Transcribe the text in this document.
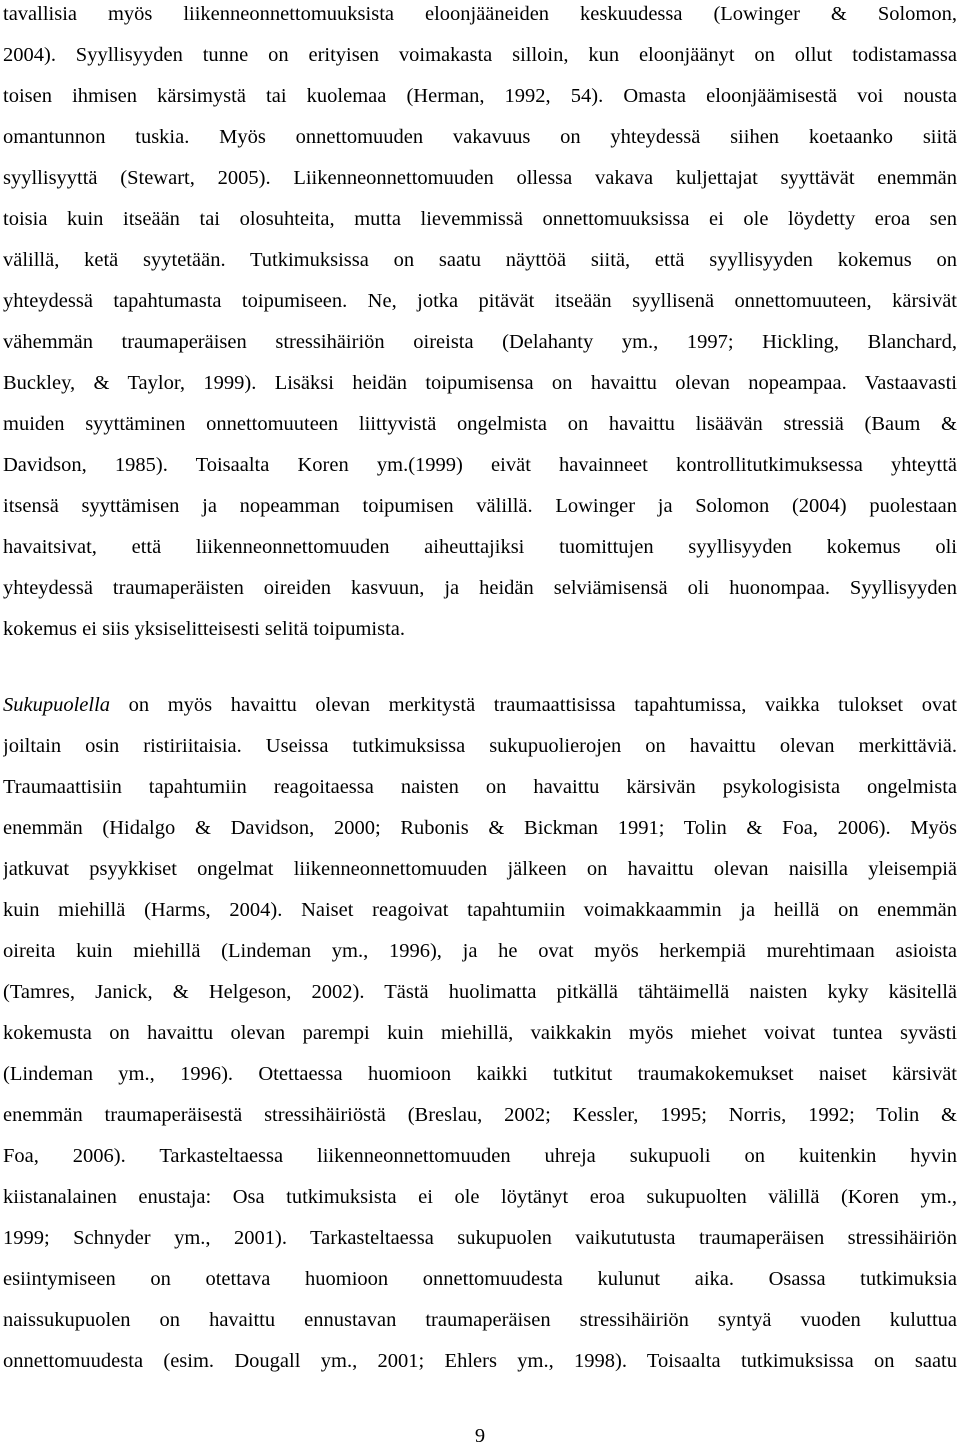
tavallisia myös liikenneonnettomuuksista eloonjääneiden keskuudessa (Lowinger & Solomon,
2004). Syyllisyyden tunne on erityisen voimakasta silloin, kun eloonjäänyt on ollut todistamassa
toisen ihmisen kärsimystä tai kuolemaa (Herman, 1992, 54). Omasta eloonjäämisestä voi nousta
omantunnon tuskia. Myös onnettomuuden vakavuus on yhteydessä siihen koetaanko siitä
syyllisyyttä (Stewart, 2005). Liikenneonnettomuuden ollessa vakava kuljettajat syyttävät enemmän
toisia kuin itseään tai olosuhteita, mutta lievemmissä onnettomuuksissa ei ole löydetty eroa sen
välillä, ketä syytetään. Tutkimuksissa on saatu näyttöä siitä, että syyllisyyden kokemus on
yhteydessä tapahtumasta toipumiseen. Ne, jotka pitävät itseään syyllisenä onnettomuuteen, kärsivät
vähemmän traumaperäisen stressihäiriön oireista (Delahanty ym., 1997; Hickling, Blanchard,
Buckley, & Taylor, 1999). Lisäksi heidän toipumisensa on havaittu olevan nopeampaa. Vastaavasti
muiden syyttäminen onnettomuuteen liittyvistä ongelmista on havaittu lisäävän stressiä (Baum &
Davidson, 1985). Toisaalta Koren ym.(1999) eivät havainneet kontrollitutkimuksessa yhteyttä
itsensä syyttämisen ja nopeamman toipumisen välillä. Lowinger ja Solomon (2004) puolestaan
havaitsivat, että liikenneonnettomuuden aiheuttajiksi tuomittujen syyllisyyden kokemus oli
yhteydessä traumaperäisten oireiden kasvuun, ja heidän selviämisensä oli huonompaa. Syyllisyyden
kokemus ei siis yksiselitteisesti selitä toipumista.
Sukupuolella on myös havaittu olevan merkitystä traumaattisissa tapahtumissa, vaikka tulokset ovat
joiltain osin ristiriitaisia. Useissa tutkimuksissa sukupuolierojen on havaittu olevan merkittäviä.
Traumaattisiin tapahtumiin reagoitaessa naisten on havaittu kärsivän psykologisista ongelmista
enemmän (Hidalgo & Davidson, 2000; Rubonis & Bickman 1991; Tolin & Foa, 2006). Myös
jatkuvat psyykkiset ongelmat liikenneonnettomuuden jälkeen on havaittu olevan naisilla yleisempiä
kuin miehillä (Harms, 2004). Naiset reagoivat tapahtumiin voimakkaammin ja heillä on enemmän
oireita kuin miehillä (Lindeman ym., 1996), ja he ovat myös herkempiä murehtimaan asioista
(Tamres, Janick, & Helgeson, 2002). Tästä huolimatta pitkällä tähtäimellä naisten kyky käsitellä
kokemusta on havaittu olevan parempi kuin miehillä, vaikkakin myös miehet voivat tuntea syvästi
(Lindeman ym., 1996). Otettaessa huomioon kaikki tutkitut traumakokemukset naiset kärsivät
enemmän traumaperäisestä stressihäiriöstä (Breslau, 2002; Kessler, 1995; Norris, 1992; Tolin &
Foa, 2006). Tarkasteltaessa liikenneonnettomuuden uhreja sukupuoli on kuitenkin hyvin
kiistanalainen enustaja: Osa tutkimuksista ei ole löytänyt eroa sukupuolten välillä (Koren ym.,
1999; Schnyder ym., 2001). Tarkasteltaessa sukupuolen vaikututusta traumaperäisen stressihäiriön
esiintymiseen on otettava huomioon onnettomuudesta kulunut aika. Osassa tutkimuksia
naissukupuolen on havaittu ennustavan traumaperäisen stressihäiriön syntyä vuoden kuluttua
onnettomuudesta (esim. Dougall ym., 2001; Ehlers ym., 1998). Toisaalta tutkimuksissa on saatu
9
